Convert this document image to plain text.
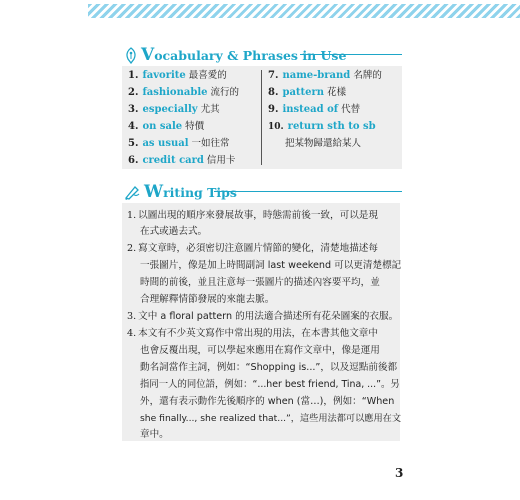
V ocabulary & Phrases in Use
1. favorite 最喜愛的
2. fashionable 流行的
3. especially 尤其
4. on sale 特價
5. as usual 一如往常
6. credit card 信用卡
7. name-brand 名牌的
8. pattern 花樣
9. instead of 代替
10. return sth to sb
把某物歸還給某人
W riting Tips
1. 以圖出現的順序來發展故事，時態需前後一致，可以是現
在式或過去式。
2. 寫文章時，必須密切注意圖片情節的變化，清楚地描述每
一張圖片，像是加上時間副詞 last weekend 可以更清楚標記
時間的前後，並且注意每一張圖片的描述內容要平均，並
合理解釋情節發展的來龍去脈。
3. 文中 a floral pattern 的用法適合描述所有花朵圖案的衣服。
4. 本文有不少英文寫作中常出現的用法，在本書其他文章中
也會反覆出現，可以學起來應用在寫作文章中，像是運用
動名詞當作主詞，例如：“Shopping is...”，以及逗點前後都
指同一人的同位語，例如：“...her best friend, Tina, ...”。另
外，還有表示動作先後順序的 when (當…)，例如：“When
she finally..., she realized that...”，這些用法都可以應用在文
章中。
3
